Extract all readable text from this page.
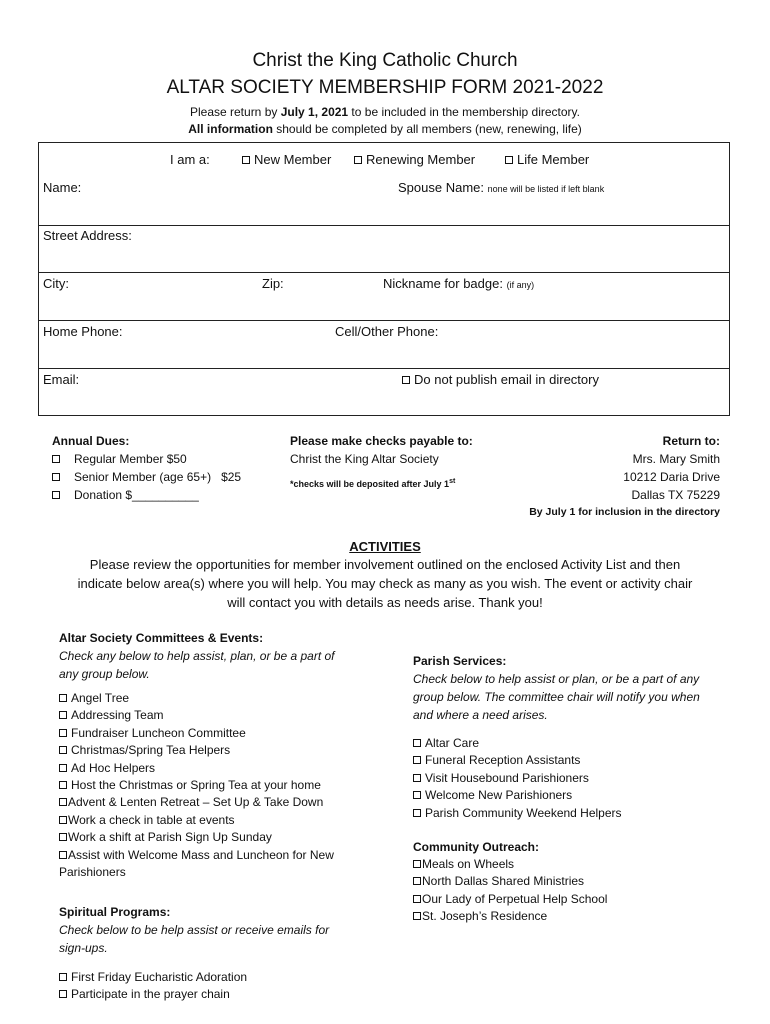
Christ the King Catholic Church
ALTAR SOCIETY MEMBERSHIP FORM 2021-2022
Please return by July 1, 2021 to be included in the membership directory.
All information should be completed by all members (new, renewing, life)
I am a:	New Member	Renewing Member	Life Member
Name:	Spouse Name: none will be listed if left blank
Street Address:
City:	Zip:	Nickname for badge: (if any)
Home Phone:	Cell/Other Phone:
Email:	Do not publish email in directory
Annual Dues:
Regular Member $50
Senior Member (age 65+)   $25
Donation $__________
Please make checks payable to:
Christ the King Altar Society
*checks will be deposited after July 1st
Return to:
Mrs. Mary Smith
10212 Daria Drive
Dallas TX 75229
By July 1 for inclusion in the directory
ACTIVITIES
Please review the opportunities for member involvement outlined on the enclosed Activity List and then
indicate below area(s) where you will help. You may check as many as you wish. The event or activity chair
will contact you with details as needs arise. Thank you!
Altar Society Committees & Events:
Check any below to help assist, plan, or be a part of
any group below.
Angel Tree
Addressing Team
Fundraiser Luncheon Committee
Christmas/Spring Tea Helpers
Ad Hoc Helpers
Host the Christmas or Spring Tea at your home
Advent & Lenten Retreat – Set Up & Take Down
Work a check in table at events
Work a shift at Parish Sign Up Sunday
Assist with Welcome Mass and Luncheon for New
Parishioners
Spiritual Programs:
Check below to be help assist or receive emails for
sign-ups.
First Friday Eucharistic Adoration
Participate in the prayer chain
Parish Services:
Check below to help assist or plan, or be a part of any
group below. The committee chair will notify you when
and where a need arises.
Altar Care
Funeral Reception Assistants
Visit Housebound Parishioners
Welcome New Parishioners
Parish Community Weekend Helpers
Community Outreach:
Meals on Wheels
North Dallas Shared Ministries
Our Lady of Perpetual Help School
St. Joseph’s Residence
